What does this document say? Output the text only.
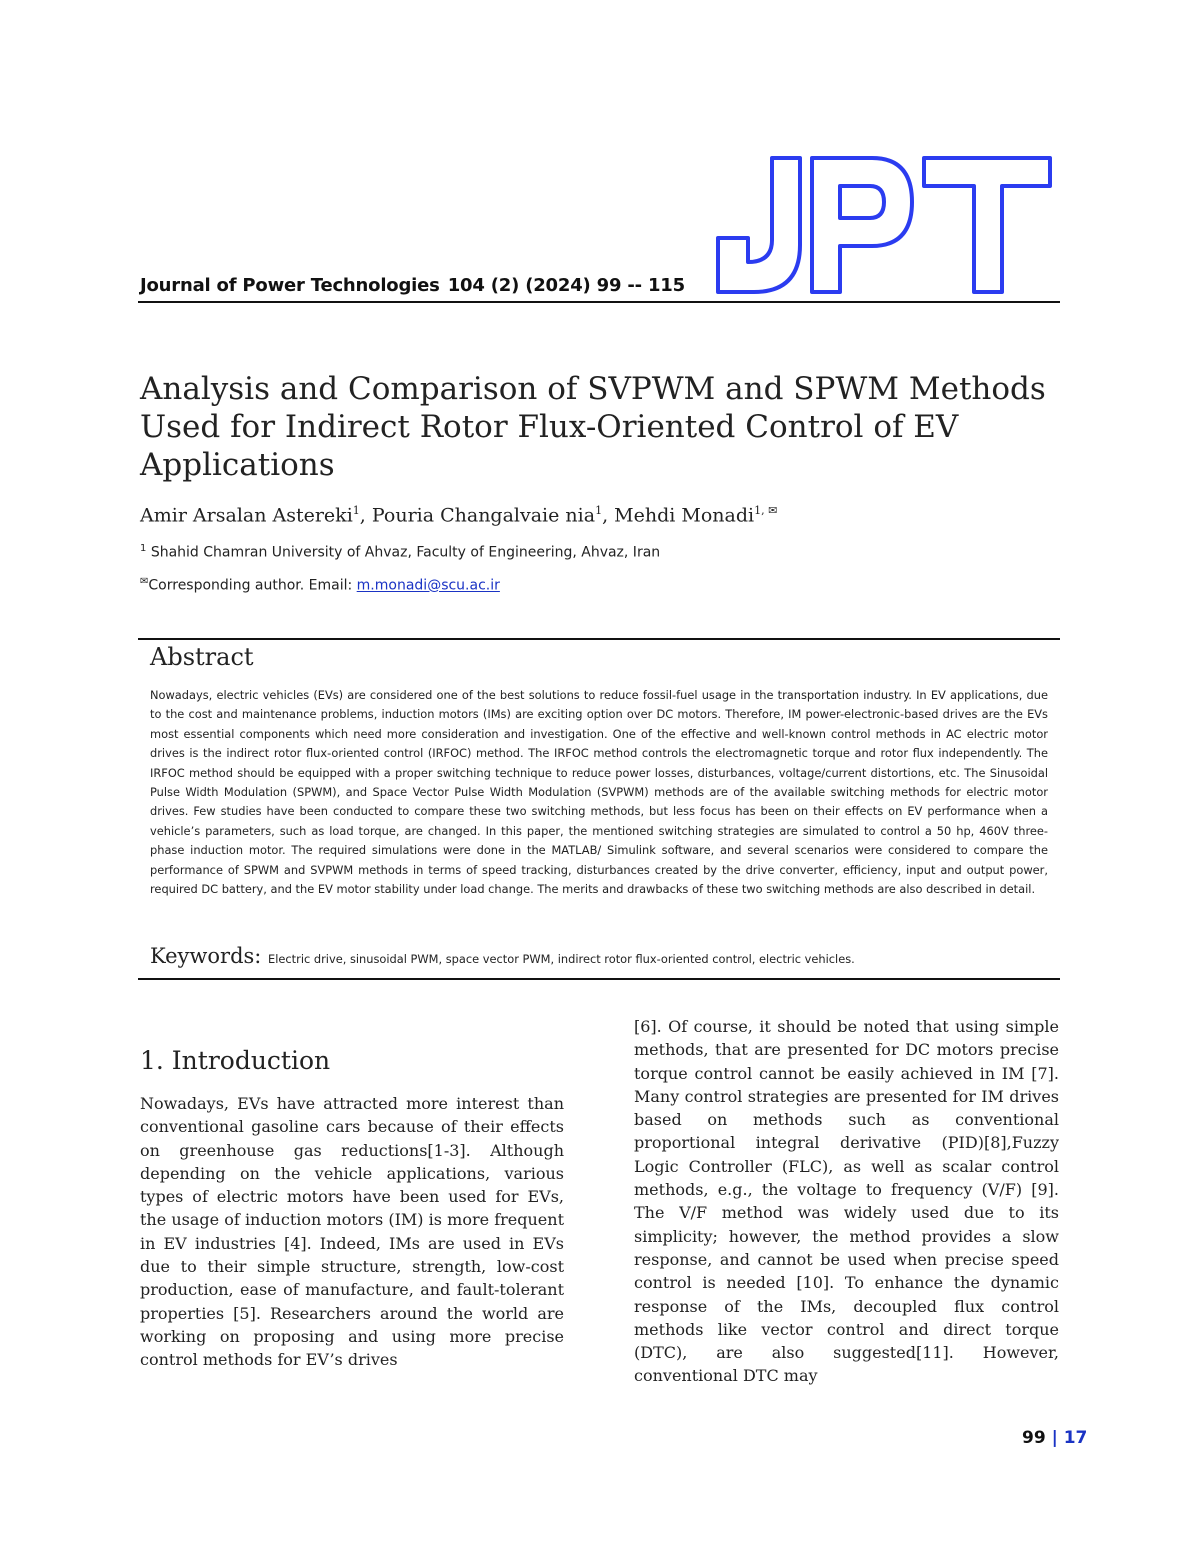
Journal of Power Technologies 104 (2) (2024) 99 -- 115
Analysis and Comparison of SVPWM and SPWM Methods Used for Indirect Rotor Flux-Oriented Control of EV Applications
Amir Arsalan Astereki$^1$, Pouria Changalvaie nia$^1$, Mehdi Monadi$^{1, ✉}$
$^1$ Shahid Chamran University of Ahvaz, Faculty of Engineering, Ahvaz, Iran
✉Corresponding author. Email: m.monadi@scu.ac.ir
Abstract

Nowadays, electric vehicles (EVs) are considered one of the best solutions to reduce fossil-fuel usage in the transportation industry. In EV applications, due to the cost and maintenance problems, induction motors (IMs) are exciting option over DC motors. Therefore, IM power-electronic-based drives are the EVs most essential components which need more consideration and investigation. One of the effective and well-known control methods in AC electric motor drives is the indirect rotor flux-oriented control (IRFOC) method. The IRFOC method controls the electromagnetic torque and rotor flux independently. The IRFOC method should be equipped with a proper switching technique to reduce power losses, disturbances, voltage/current distortions, etc. The Sinusoidal Pulse Width Modulation (SPWM), and Space Vector Pulse Width Modulation (SVPWM) methods are of the available switching methods for electric motor drives. Few studies have been conducted to compare these two switching methods, but less focus has been on their effects on EV performance when a vehicle’s parameters, such as load torque, are changed. In this paper, the mentioned switching strategies are simulated to control a 50 hp, 460V three-phase induction motor. The required simulations were done in the MATLAB/ Simulink software, and several scenarios were considered to compare the performance of SPWM and SVPWM methods in terms of speed tracking, disturbances created by the drive converter, efficiency, input and output power, required DC battery, and the EV motor stability under load change. The merits and drawbacks of these two switching methods are also described in detail.

Keywords: Electric drive, sinusoidal PWM, space vector PWM, indirect rotor flux-oriented control, electric vehicles.
1. Introduction

Nowadays, EVs have attracted more interest than conventional gasoline cars because of their effects on greenhouse gas reductions[1-3]. Although depending on the vehicle applications, various types of electric motors have been used for EVs, the usage of induction motors (IM) is more frequent in EV industries [4]. Indeed, IMs are used in EVs due to their simple structure, strength, low-cost production, ease of manufacture, and fault-tolerant properties [5]. Researchers around the world are working on proposing and using more precise control methods for EV’s drives

[6]. Of course, it should be noted that using simple methods, that are presented for DC motors precise torque control cannot be easily achieved in IM [7]. Many control strategies are presented for IM drives based on methods such as conventional proportional integral derivative (PID)[8],Fuzzy Logic Controller (FLC), as well as scalar control methods, e.g., the voltage to frequency (V/F) [9]. The V/F method was widely used due to its simplicity; however, the method provides a slow response, and cannot be used when precise speed control is needed [10]. To enhance the dynamic response of the IMs, decoupled flux control methods like vector control and direct torque (DTC), are also suggested[11]. However, conventional DTC may

99 | 17
